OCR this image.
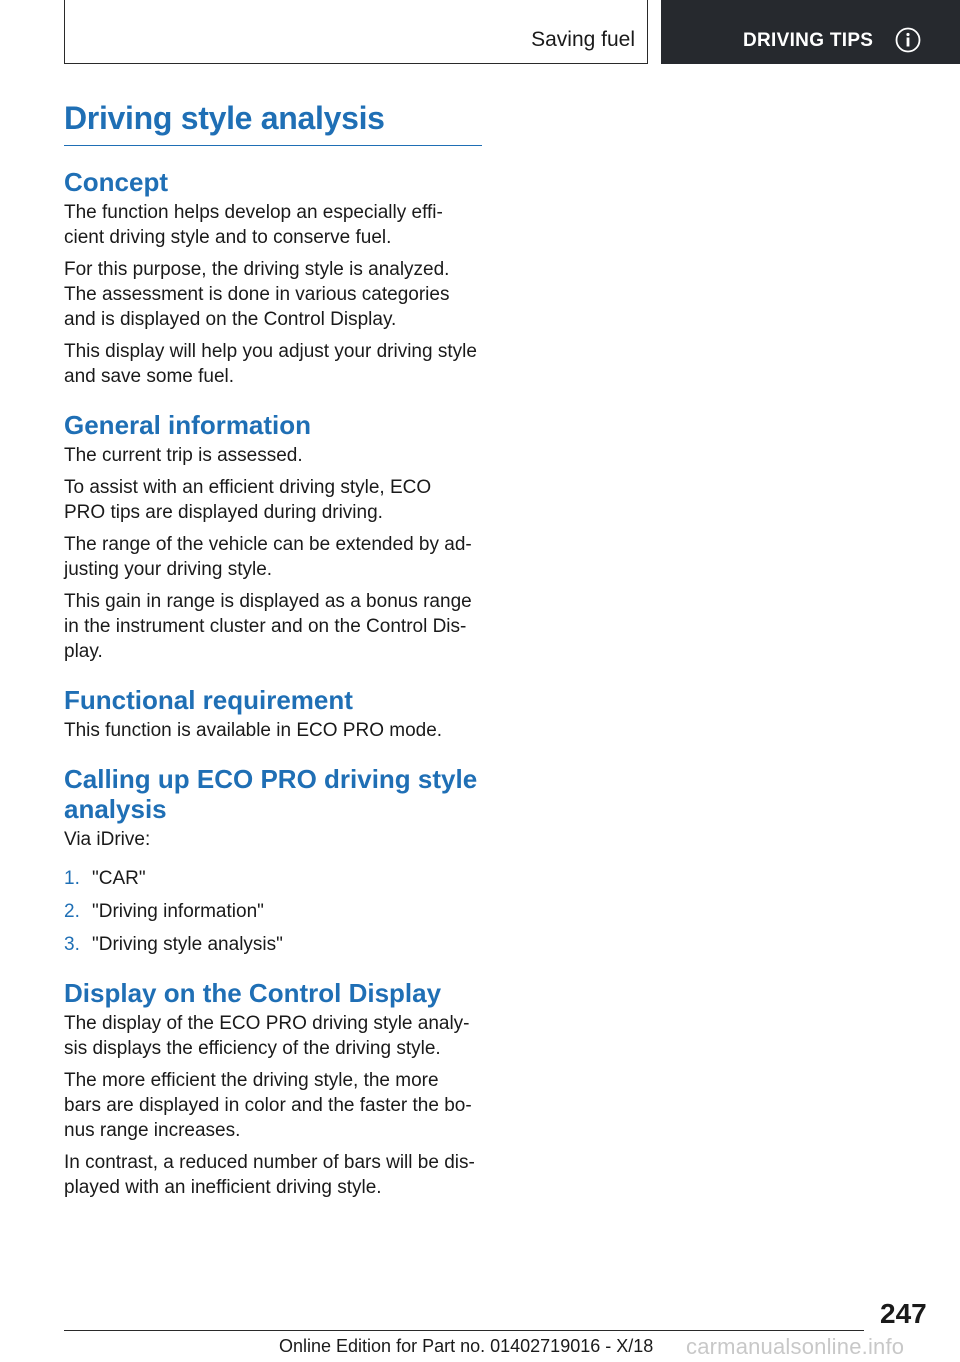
Saving fuel	DRIVING TIPS
Driving style analysis
Concept

The function helps develop an especially effi-
cient driving style and to conserve fuel.

For this purpose, the driving style is analyzed.
The assessment is done in various categories
and is displayed on the Control Display.

This display will help you adjust your driving style
and save some fuel.

General information

The current trip is assessed.

To assist with an efficient driving style, ECO
PRO tips are displayed during driving.

The range of the vehicle can be extended by ad-
justing your driving style.

This gain in range is displayed as a bonus range
in the instrument cluster and on the Control Dis-
play.

Functional requirement

This function is available in ECO PRO mode.

Calling up ECO PRO driving style
analysis

Via iDrive:

1. "CAR"
2. "Driving information"
3. "Driving style analysis"
Display on the Control Display

The display of the ECO PRO driving style analy-
sis displays the efficiency of the driving style.

The more efficient the driving style, the more
bars are displayed in color and the faster the bo-
nus range increases.

In contrast, a reduced number of bars will be dis-
played with an inefficient driving style.

247
Online Edition for Part no. 01402719016 - X/18 carmanualsonline.info
